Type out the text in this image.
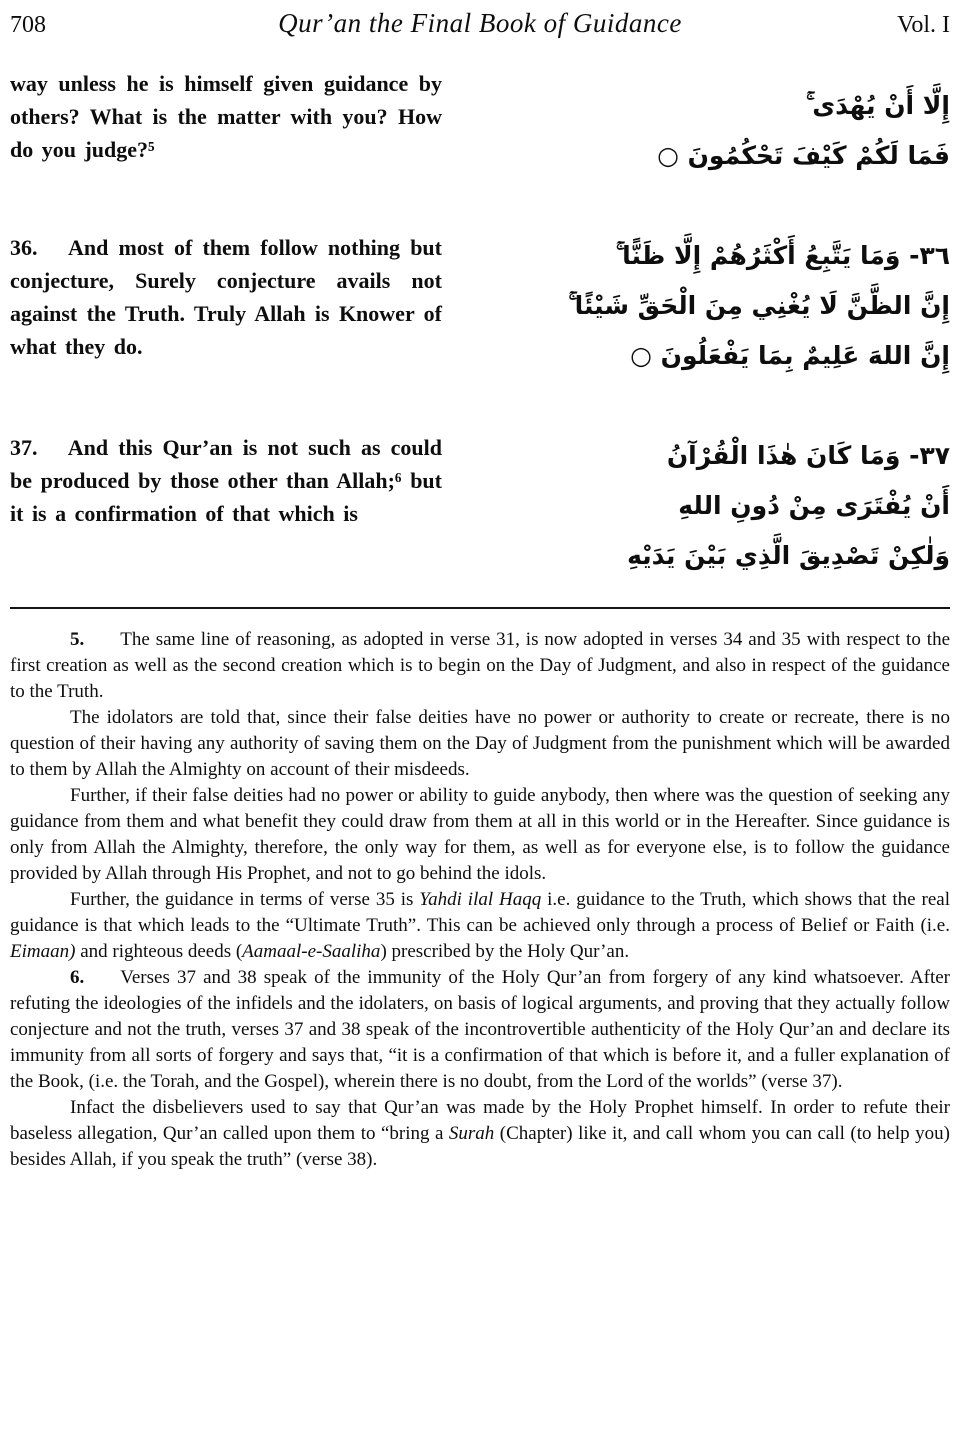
708	Qur’an the Final Book of Guidance	Vol. I
way unless he is himself given guidance by others? What is the matter with you? How do you judge?⁵
إِلَّا أَنْ يُهْدَى ۚ
فَمَا لَكُمْ كَيْفَ تَحْكُمُونَ ○
36.   And most of them follow nothing but conjecture, Surely conjecture avails not against the Truth. Truly Allah is Knower of what they do.
٣٦- وَمَا يَتَّبِعُ أَكْثَرُهُمْ إِلَّا ظَنًّا ۚ
إِنَّ الظَّنَّ لَا يُغْنِي مِنَ الْحَقِّ شَيْئًا ۚ
إِنَّ اللهَ عَلِيمٌ بِمَا يَفْعَلُونَ ○
37.   And this Qur’an is not such as could be produced by those other than Allah;⁶ but it is a confirmation of that which is
٣٧- وَمَا كَانَ هٰذَا الْقُرْآنُ
أَنْ يُفْتَرَى مِنْ دُونِ اللهِ
وَلٰكِنْ تَصْدِيقَ الَّذِي بَيْنَ يَدَيْهِ

5. The same line of reasoning, as adopted in verse 31, is now adopted in verses 34 and 35 with respect to the first creation as well as the second creation which is to begin on the Day of Judgment, and also in respect of the guidance to the Truth.

The idolators are told that, since their false deities have no power or authority to create or recreate, there is no question of their having any authority of saving them on the Day of Judgment from the punishment which will be awarded to them by Allah the Almighty on account of their misdeeds.

Further, if their false deities had no power or ability to guide anybody, then where was the question of seeking any guidance from them and what benefit they could draw from them at all in this world or in the Hereafter. Since guidance is only from Allah the Almighty, therefore, the only way for them, as well as for everyone else, is to follow the guidance provided by Allah through His Prophet, and not to go behind the idols.

Further, the guidance in terms of verse 35 is Yahdi ilal Haqq i.e. guidance to the Truth, which shows that the real guidance is that which leads to the “Ultimate Truth”. This can be achieved only through a process of Belief or Faith (i.e. Eimaan) and righteous deeds (Aamaal-e-Saaliha) prescribed by the Holy Qur’an.

6. Verses 37 and 38 speak of the immunity of the Holy Qur’an from forgery of any kind whatsoever. After refuting the ideologies of the infidels and the idolaters, on basis of logical arguments, and proving that they actually follow conjecture and not the truth, verses 37 and 38 speak of the incontrovertible authenticity of the Holy Qur’an and declare its immunity from all sorts of forgery and says that, “it is a confirmation of that which is before it, and a fuller explanation of the Book, (i.e. the Torah, and the Gospel), wherein there is no doubt, from the Lord of the worlds” (verse 37).

Infact the disbelievers used to say that Qur’an was made by the Holy Prophet himself. In order to refute their baseless allegation, Qur’an called upon them to “bring a Surah (Chapter) like it, and call whom you can call (to help you) besides Allah, if you speak the truth” (verse 38).
